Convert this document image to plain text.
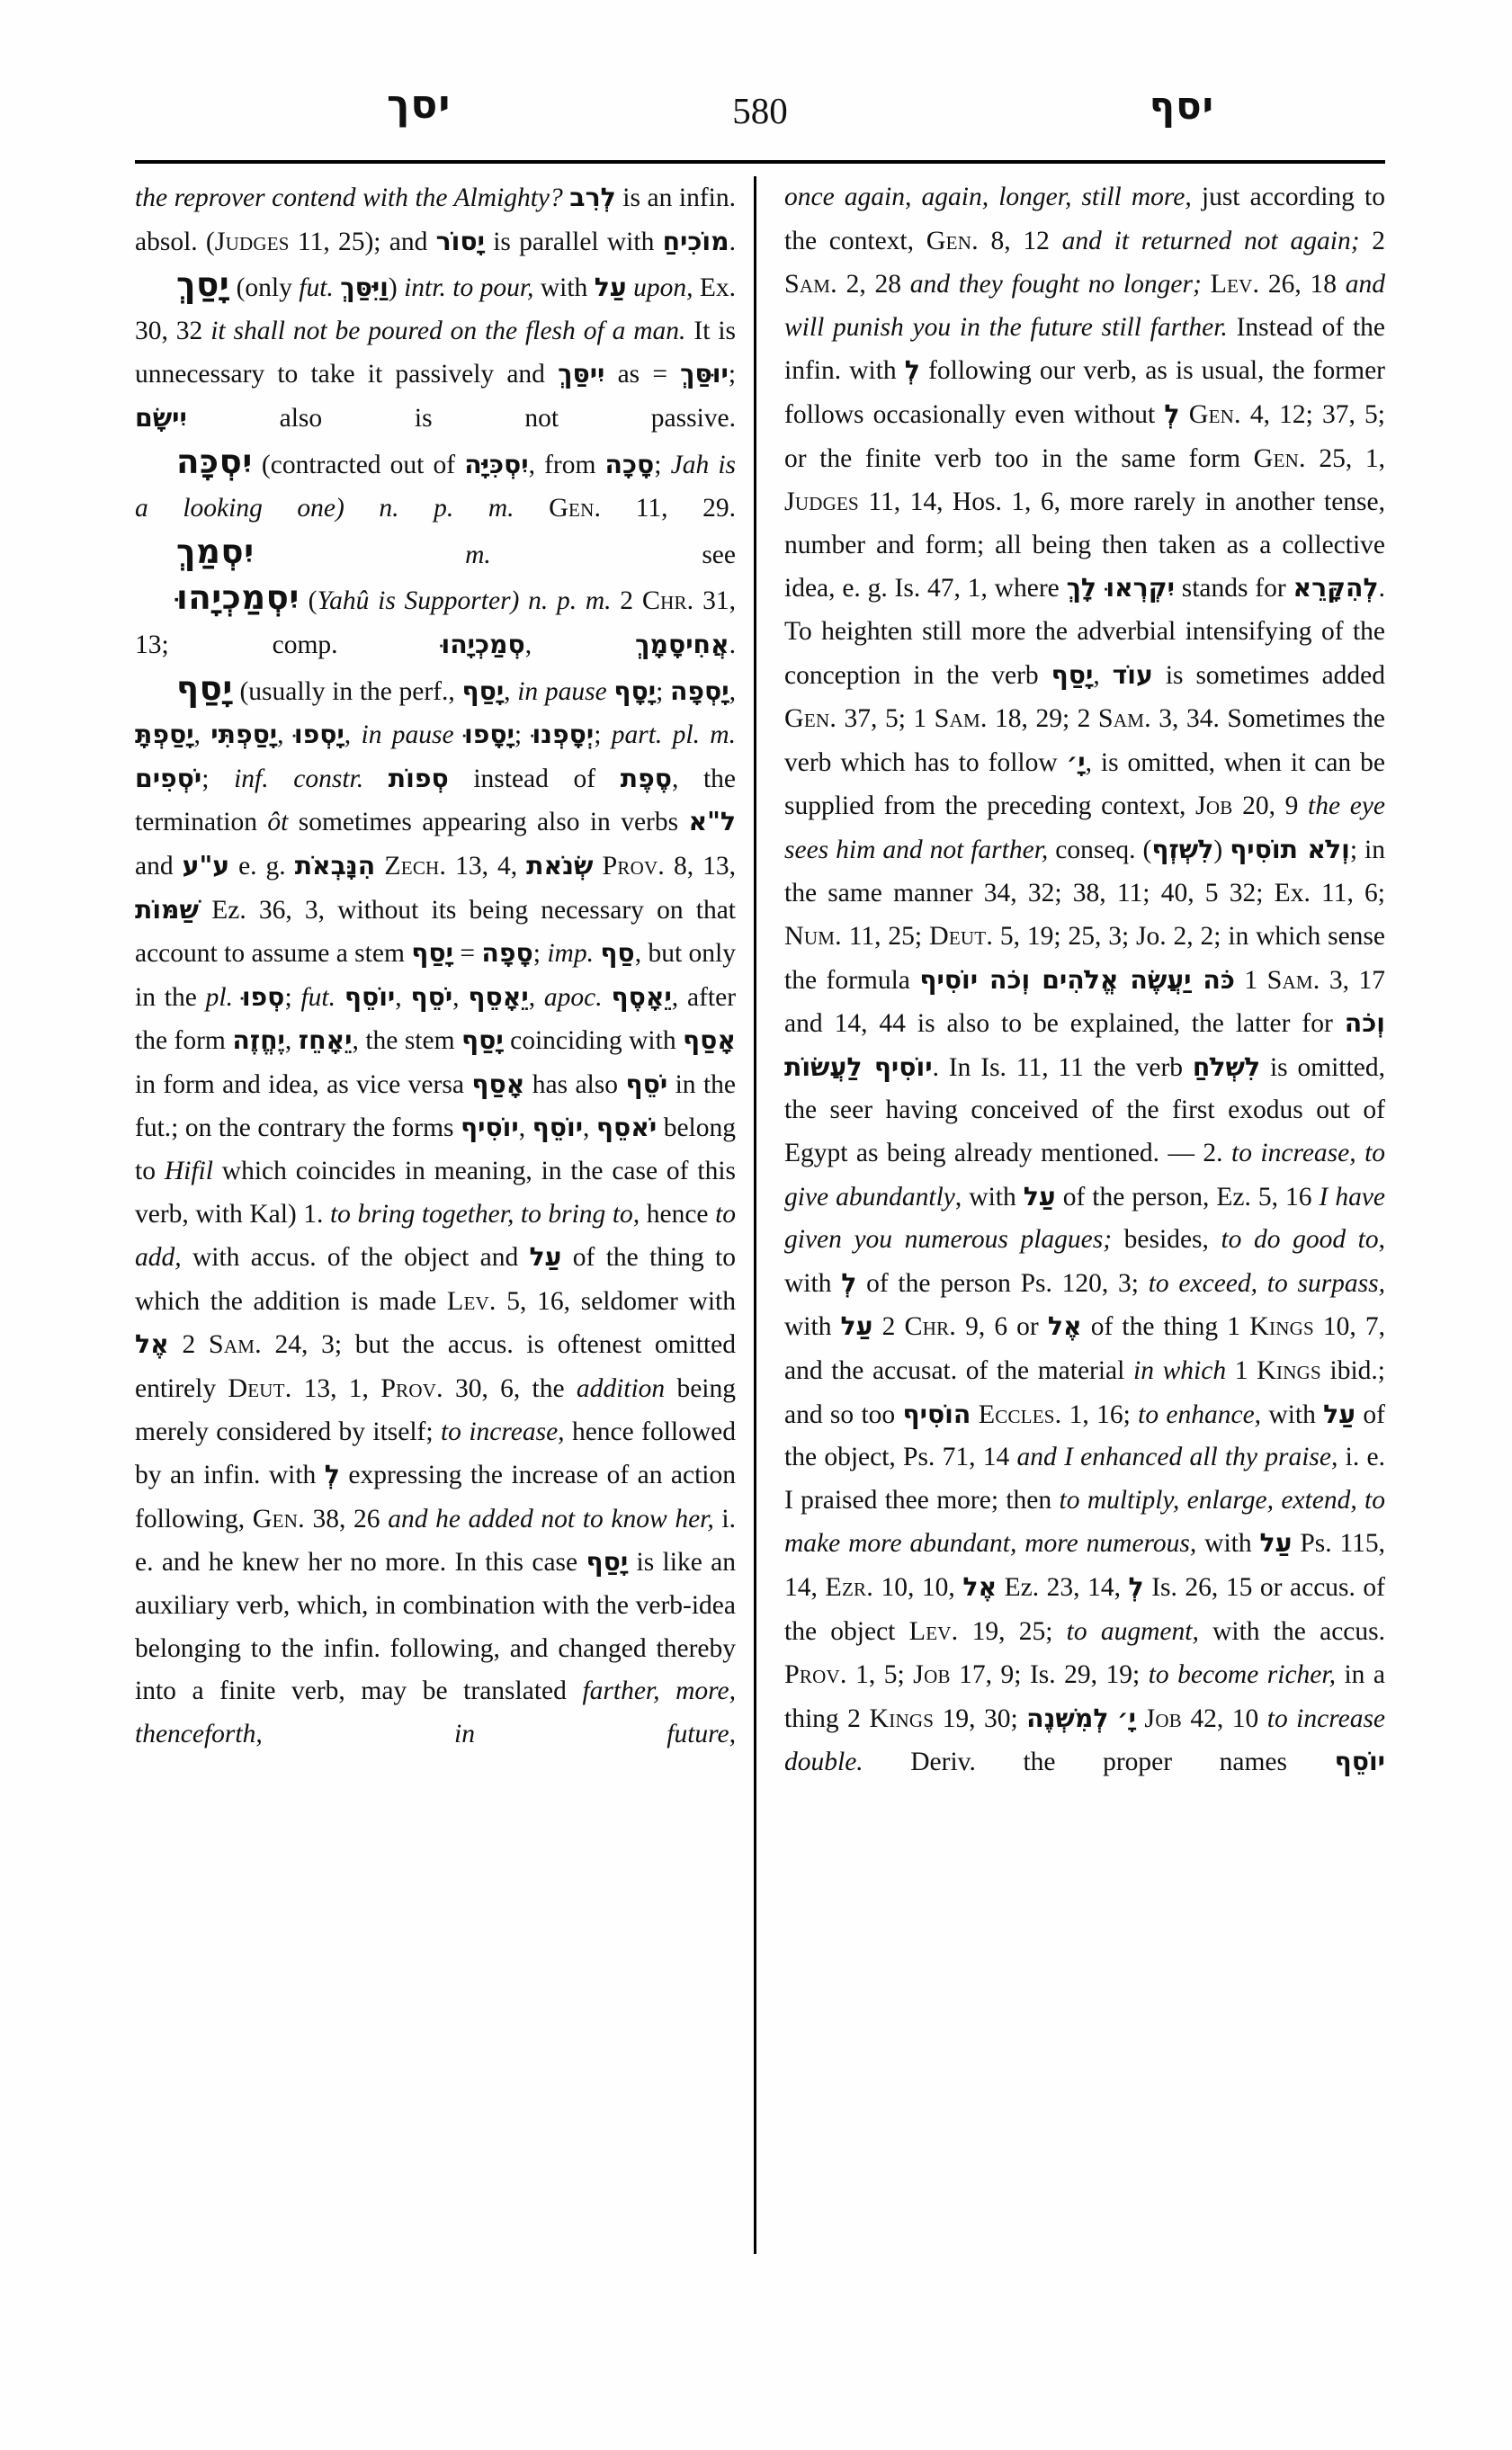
יסך	580	יסף

the reprover contend with the Almighty? לְרִב is an infin. absol. (Judges 11, 25); and יָסוֹר is parallel with מוֹכִיחַ.

יָסַךְ (only fut. וַיִּסַּךְ) intr. to pour, with עַל upon, Ex. 30, 32 it shall not be poured on the flesh of a man. It is unnecessary to take it passively and יִיסַּךְ as = יוּסַּךְ; יִישָׂם also is not passive.

יִסְכָּה (contracted out of יִסְכִּיָּה, from סָכָה; Jah is a looking one) n. p. m. Gen. 11, 29.

יִסְמַךְ	m. see

יִסְמַכְיָהוּ (Yahû is Supporter) n. p. m. 2 Chr. 31, 13; comp. סְמַכְיָהוּ, אֲחִיסָמָךְ.

יָסַף (usually in the perf., יָסַף, in pause יָסָף; יָסְפָה, יָסַפְתָּ, יָסַפְתִּי, יָסְפוּ, in pause יָסָפוּ; יְסָפְנוּ; part. pl. m. יֹסְפִים; inf. constr. סְפוֹת instead of סֶפֶת, the termination ôt sometimes appearing also in verbs ל"א and ע"ע e. g. הִנָּבְאֹת Zech. 13, 4, שְׂנֹאת Prov. 8, 13, שַׁמּוֹת Ez. 36, 3, without its being necessary on that account to assume a stem יָסַף = סָפָה; imp. סַף, but only in the pl. סְפוּ; fut. יוֹסֵף, יֹסֵף, יֵאָסֵף, apoc. יֵאָסֶף, after the form יֶחֱזֶה, יֵאָחֵז, the stem יָסַף coinciding with אָסַף in form and idea, as vice versa אָסַף has also יֹסֵף in the fut.; on the contrary the forms יוֹסִיף, יוֹסֵף, יֹאסֵף belong to Hifil which coincides in meaning, in the case of this verb, with Kal) 1. to bring together, to bring to, hence to add, with accus. of the object and עַל of the thing to which the addition is made Lev. 5, 16, seldomer with אֶל 2 Sam. 24, 3; but the accus. is oftenest omitted entirely Deut. 13, 1, Prov. 30, 6, the addition being merely considered by itself; to increase, hence followed by an infin. with לְ expressing the increase of an action following, Gen. 38, 26 and he added not to know her, i. e. and he knew her no more. In this case יָסַף is like an auxiliary verb, which, in combination with the verb-idea belonging to the infin. following, and changed thereby into a finite verb, may be translated farther, more, thenceforth, in future,

once again, again, longer, still more, just according to the context, Gen. 8, 12 and it returned not again; 2 Sam. 2, 28 and they fought no longer; Lev. 26, 18 and will punish you in the future still farther. Instead of the infin. with לְ following our verb, as is usual, the former follows occasionally even without לְ Gen. 4, 12; 37, 5; or the finite verb too in the same form Gen. 25, 1, Judges 11, 14, Hos. 1, 6, more rarely in another tense, number and form; all being then taken as a collective idea, e. g. Is. 47, 1, where יִקְרְאוּ לָךְ stands for לְהִקָּרֵא. To heighten still more the adverbial intensifying of the conception in the verb יָסַף, עוֹד is sometimes added Gen. 37, 5; 1 Sam. 18, 29; 2 Sam. 3, 34. Sometimes the verb which has to follow יָ׳, is omitted, when it can be supplied from the preceding context, Job 20, 9 the eye sees him and not farther, conseq. (לִשְׁזְף) וְלֹא תוֹסִיף; in the same manner 34, 32; 38, 11; 40, 5 32; Ex. 11, 6; Num. 11, 25; Deut. 5, 19; 25, 3; Jo. 2, 2; in which sense the formula כֹּה יַעֲשֶׂה אֱלֹהִים וְכֹה יוֹסִיף 1 Sam. 3, 17 and 14, 44 is also to be explained, the latter for וְכֹה יוֹסִיף לַעֲשׂוֹת. In Is. 11, 11 the verb לִשְׁלֹחַ is omitted, the seer having conceived of the first exodus out of Egypt as being already mentioned. — 2. to increase, to give abundantly, with עַל of the person, Ez. 5, 16 I have given you numerous plagues; besides, to do good to, with לְ of the person Ps. 120, 3; to exceed, to surpass, with עַל 2 Chr. 9, 6 or אֶל of the thing 1 Kings 10, 7, and the accusat. of the material in which 1 Kings ibid.; and so too הוֹסִיף Eccles. 1, 16; to enhance, with עַל of the object, Ps. 71, 14 and I enhanced all thy praise, i. e. I praised thee more; then to multiply, enlarge, extend, to make more abundant, more numerous, with עַל Ps. 115, 14, Ezr. 10, 10, אֶל Ez. 23, 14, לְ Is. 26, 15 or accus. of the object Lev. 19, 25; to augment, with the accus. Prov. 1, 5; Job 17, 9; Is. 29, 19; to become richer, in a thing 2 Kings 19, 30; לְמִשְׁנֶה יָ׳ Job 42, 10 to increase double. Deriv. the proper names יוֹסֵף
